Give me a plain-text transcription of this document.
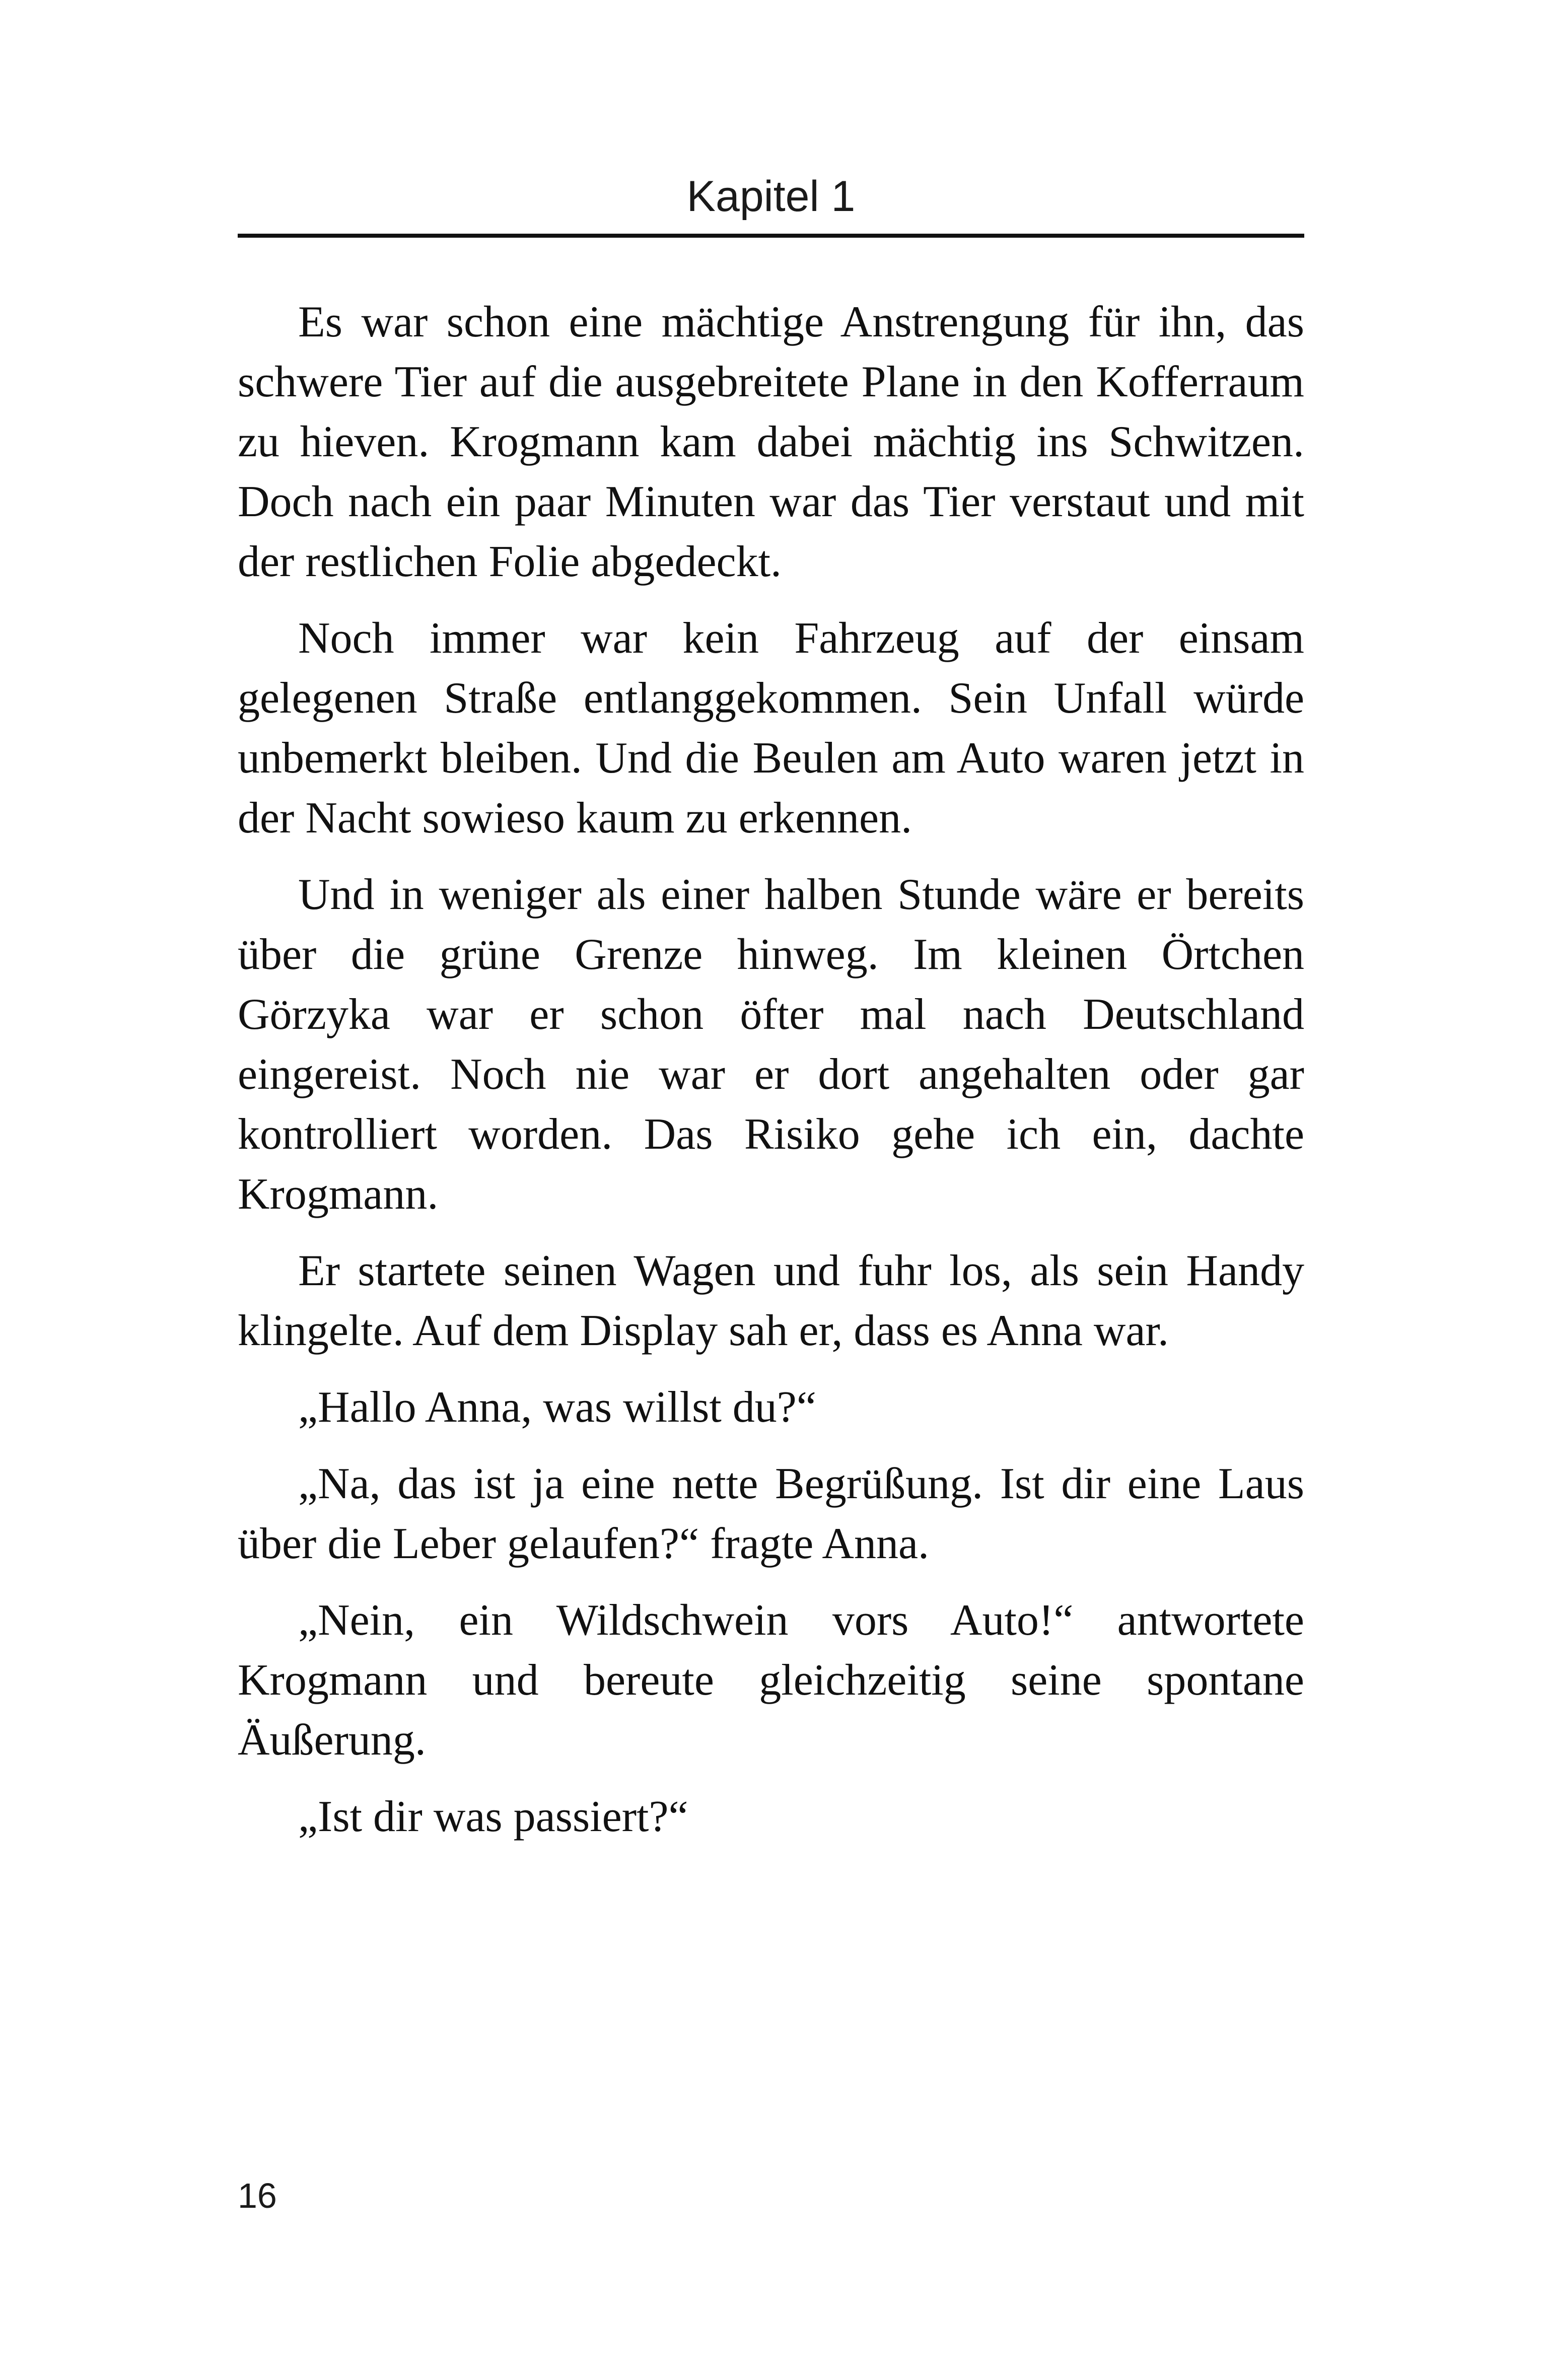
Kapitel 1

Es war schon eine mächtige Anstrengung für ihn, das schwere Tier auf die ausgebreitete Plane in den Kofferraum zu hieven. Krogmann kam dabei mächtig ins Schwitzen. Doch nach ein paar Minuten war das Tier verstaut und mit der restlichen Folie abgedeckt.

Noch immer war kein Fahrzeug auf der einsam gelegenen Straße entlanggekommen. Sein Unfall würde unbemerkt bleiben. Und die Beulen am Auto waren jetzt in der Nacht sowieso kaum zu erkennen.

Und in weniger als einer halben Stunde wäre er bereits über die grüne Grenze hinweg. Im kleinen Örtchen Görzyka war er schon öfter mal nach Deutschland eingereist. Noch nie war er dort angehalten oder gar kontrolliert worden. Das Risiko gehe ich ein, dachte Krogmann.

Er startete seinen Wagen und fuhr los, als sein Handy klingelte. Auf dem Display sah er, dass es Anna war.

„Hallo Anna, was willst du?“

„Na, das ist ja eine nette Begrüßung. Ist dir eine Laus über die Leber gelaufen?“ fragte Anna.

„Nein, ein Wildschwein vors Auto!“ antwortete Krogmann und bereute gleichzeitig seine spontane Äußerung.

„Ist dir was passiert?“

16
